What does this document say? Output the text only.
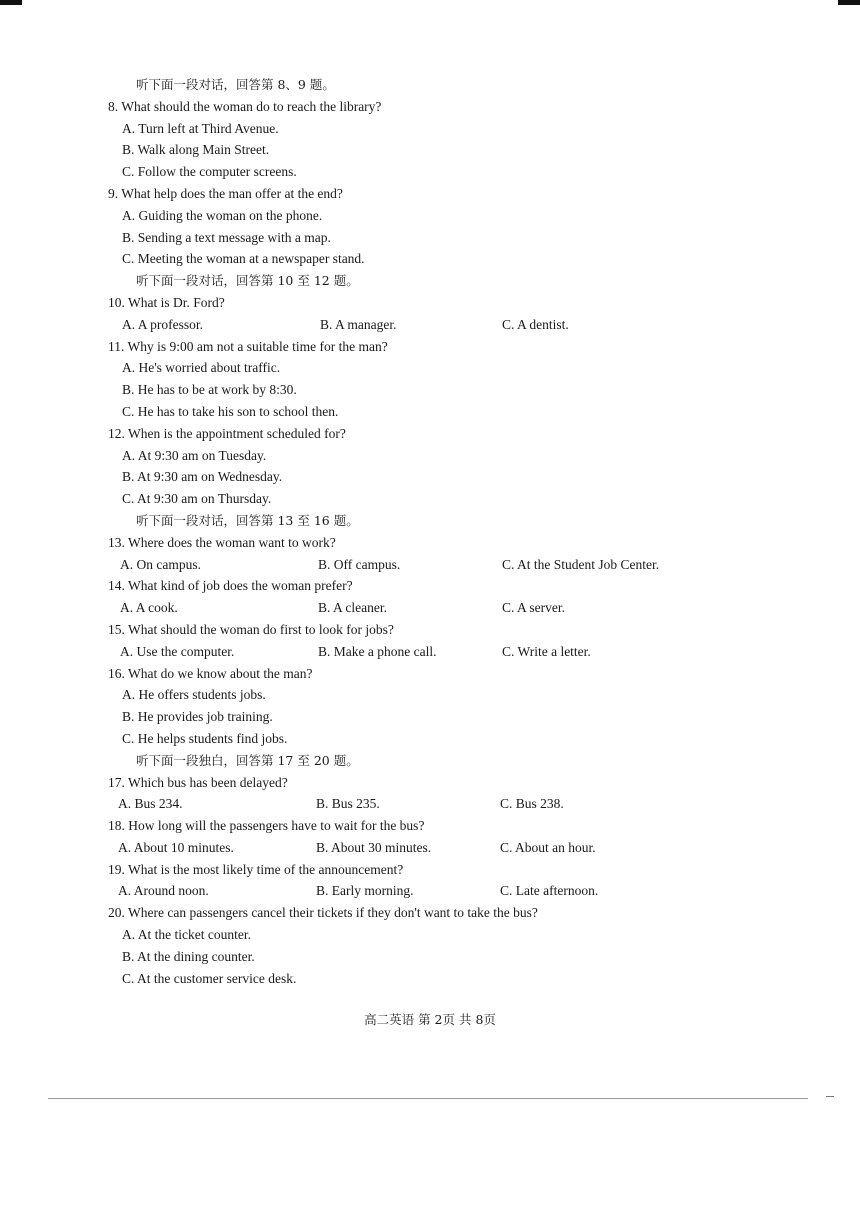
听下面一段对话，回答第 8、9 题。
8. What should the woman do to reach the library?
A. Turn left at Third Avenue.
B. Walk along Main Street.
C. Follow the computer screens.
9. What help does the man offer at the end?
A. Guiding the woman on the phone.
B. Sending a text message with a map.
C. Meeting the woman at a newspaper stand.
听下面一段对话，回答第 10 至 12 题。
10. What is Dr. Ford?
A. A professor.	B. A manager.	C. A dentist.
11. Why is 9:00 am not a suitable time for the man?
A. He's worried about traffic.
B. He has to be at work by 8:30.
C. He has to take his son to school then.
12. When is the appointment scheduled for?
A. At 9:30 am on Tuesday.
B. At 9:30 am on Wednesday.
C. At 9:30 am on Thursday.
听下面一段对话，回答第 13 至 16 题。
13. Where does the woman want to work?
A. On campus.	B. Off campus.	C. At the Student Job Center.
14. What kind of job does the woman prefer?
A. A cook.	B. A cleaner.	C. A server.
15. What should the woman do first to look for jobs?
A. Use the computer.	B. Make a phone call.	C. Write a letter.
16. What do we know about the man?
A. He offers students jobs.
B. He provides job training.
C. He helps students find jobs.
听下面一段独白，回答第 17 至 20 题。
17. Which bus has been delayed?
A. Bus 234.	B. Bus 235.	C. Bus 238.
18. How long will the passengers have to wait for the bus?
A. About 10 minutes.	B. About 30 minutes.	C. About an hour.
19. What is the most likely time of the announcement?
A. Around noon.	B. Early morning.	C. Late afternoon.
20. Where can passengers cancel their tickets if they don't want to take the bus?
A. At the ticket counter.
B. At the dining counter.
C. At the customer service desk.
高二英语 第 2页 共 8页
